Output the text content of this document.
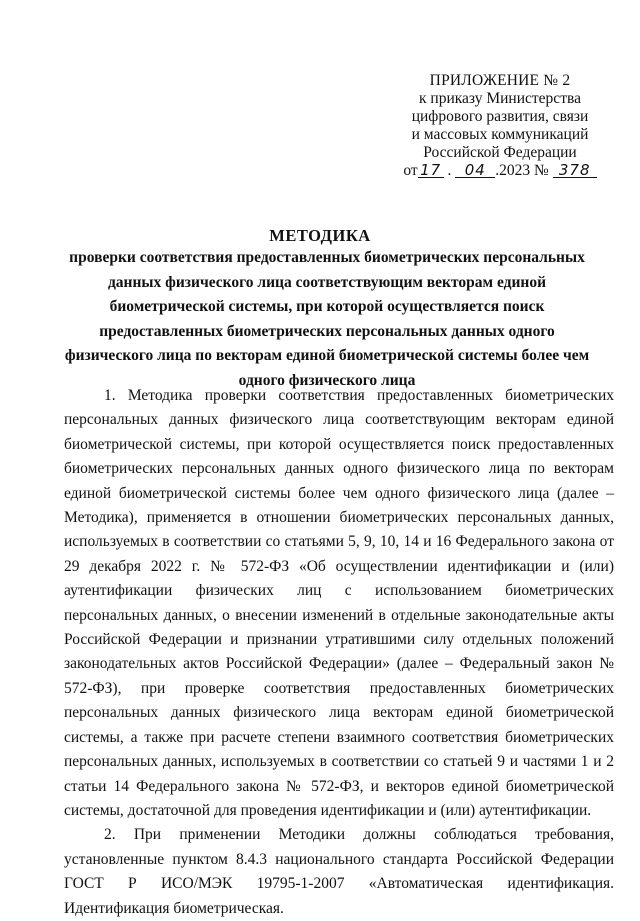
ПРИЛОЖЕНИЕ № 2
к приказу Министерства
цифрового развития, связи
и массовых коммуникаций
Российской Федерации
от 17 . 04 .2023 № 378
МЕТОДИКА
проверки соответствия предоставленных биометрических персональных данных физического лица соответствующим векторам единой биометрической системы, при которой осуществляется поиск предоставленных биометрических персональных данных одного физического лица по векторам единой биометрической системы более чем одного физического лица

1. Методика проверки соответствия предоставленных биометрических персональных данных физического лица соответствующим векторам единой биометрической системы, при которой осуществляется поиск предоставленных биометрических персональных данных одного физического лица по векторам единой биометрической системы более чем одного физического лица (далее – Методика), применяется в отношении биометрических персональных данных, используемых в соответствии со статьями 5, 9, 10, 14 и 16 Федерального закона от 29 декабря 2022 г. № 572-ФЗ «Об осуществлении идентификации и (или) аутентификации физических лиц с использованием биометрических персональных данных, о внесении изменений в отдельные законодательные акты Российской Федерации и признании утратившими силу отдельных положений законодательных актов Российской Федерации» (далее – Федеральный закон № 572-ФЗ), при проверке соответствия предоставленных биометрических персональных данных физического лица векторам единой биометрической системы, а также при расчете степени взаимного соответствия биометрических персональных данных, используемых в соответствии со статьей 9 и частями 1 и 2 статьи 14 Федерального закона № 572-ФЗ, и векторов единой биометрической системы, достаточной для проведения идентификации и (или) аутентификации.

2. При применении Методики должны соблюдаться требования, установленные пунктом 8.4.3 национального стандарта Российской Федерации ГОСТ Р ИСО/МЭК 19795-1-2007 «Автоматическая идентификация. Идентификация биометрическая.
